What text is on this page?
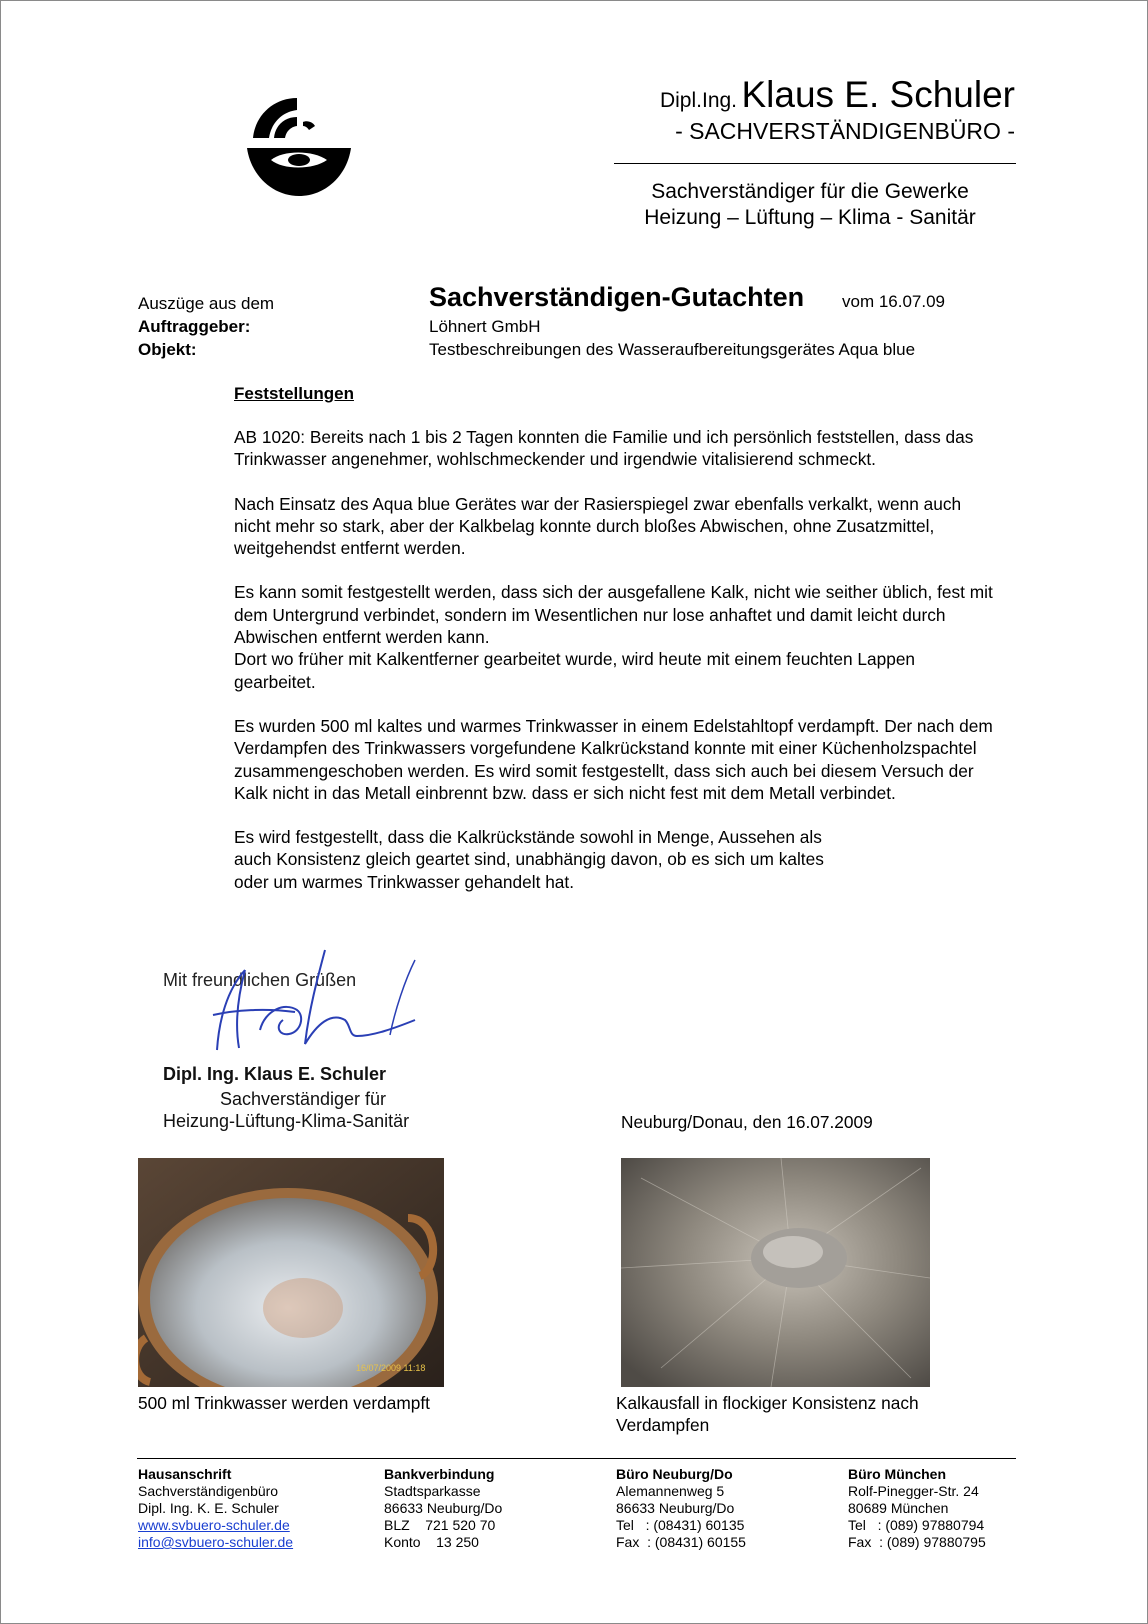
Dipl.Ing. Klaus E. Schuler
- SACHVERSTÄNDIGENBÜRO -
Sachverständiger für die Gewerke
Heizung – Lüftung – Klima - Sanitär
Auszüge aus dem	Sachverständigen-Gutachten vom 16.07.09
Auftraggeber:	Löhnert GmbH
Objekt:	Testbeschreibungen des Wasseraufbereitungsgerätes Aqua blue
Feststellungen

AB 1020: Bereits nach 1 bis 2 Tagen konnten die Familie und ich persönlich feststellen, dass das Trinkwasser angenehmer, wohlschmeckender und irgendwie vitalisierend schmeckt.

Nach Einsatz des Aqua blue Gerätes war der Rasierspiegel zwar ebenfalls verkalkt, wenn auch nicht mehr so stark, aber der Kalkbelag konnte durch bloßes Abwischen, ohne Zusatzmittel, weitgehendst entfernt werden.

Es kann somit festgestellt werden, dass sich der ausgefallene Kalk, nicht wie seither üblich, fest mit dem Untergrund verbindet, sondern im Wesentlichen nur lose anhaftet und damit leicht durch Abwischen entfernt werden kann.

Dort wo früher mit Kalkentferner gearbeitet wurde, wird heute mit einem feuchten Lappen gearbeitet.

Es wurden 500 ml kaltes und warmes Trinkwasser in einem Edelstahltopf verdampft. Der nach dem Verdampfen des Trinkwassers vorgefundene Kalkrückstand konnte mit einer Küchenholzspachtel zusammengeschoben werden. Es wird somit festgestellt, dass sich auch bei diesem Versuch der Kalk nicht in das Metall einbrennt bzw. dass er sich nicht fest mit dem Metall verbindet.

Es wird festgestellt, dass die Kalkrückstände sowohl in Menge, Aussehen als auch Konsistenz gleich geartet sind, unabhängig davon, ob es sich um kaltes

oder um warmes Trinkwasser gehandelt hat.

Mit freundlichen Grüßen
Dipl. Ing. Klaus E. Schuler
Sachverständiger für
Heizung-Lüftung-Klima-Sanitär	Neuburg/Donau, den 16.07.2009
16/07/2009 11:18
500 ml Trinkwasser werden verdampft	Kalkausfall in flockiger Konsistenz nach
Verdampfen
Hausanschrift
Sachverständigenbüro
Dipl. Ing. K. E. Schuler
www.svbuero-schuler.de
info@svbuero-schuler.de
Bankverbindung
Stadtsparkasse
86633 Neuburg/Do
BLZ    721 520 70
Konto    13 250
Büro Neuburg/Do
Alemannenweg 5
86633 Neuburg/Do
Tel   : (08431) 60135
Fax  : (08431) 60155
Büro München
Rolf-Pinegger-Str. 24
80689 München
Tel   : (089) 97880794
Fax  : (089) 97880795
